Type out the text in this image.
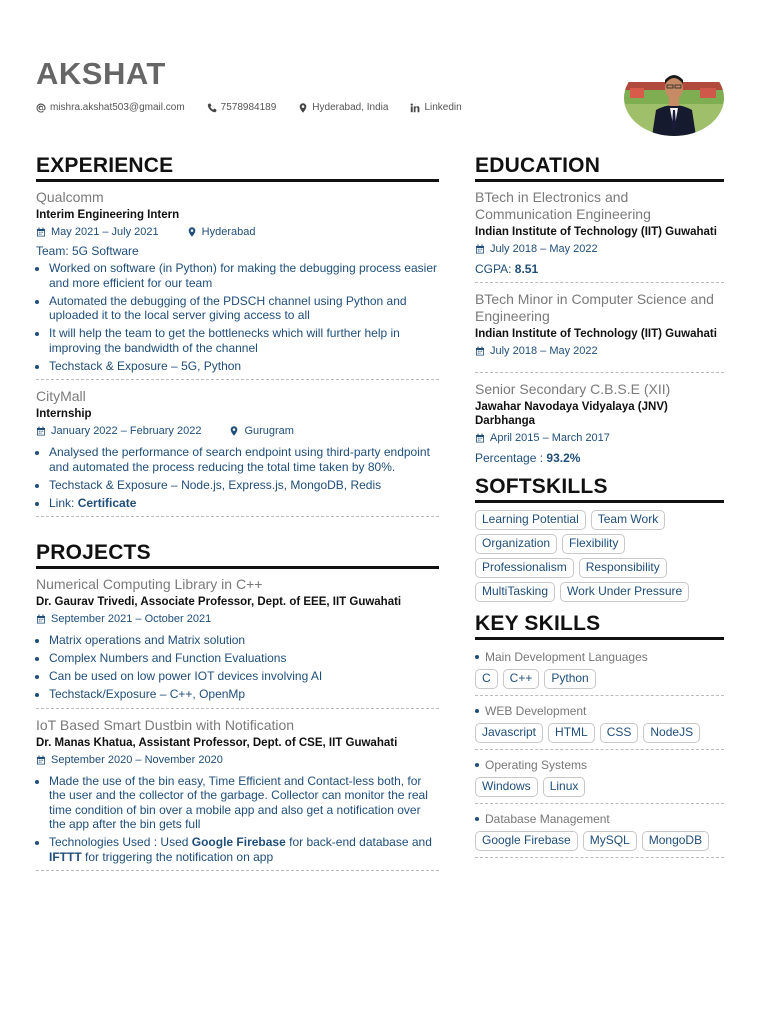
AKSHAT
mishra.akshat503@gmail.com	7578984189	Hyderabad, India	Linkedin
EXPERIENCE
Qualcomm
Interim Engineering Intern
May 2021 – July 2021	Hyderabad
Team: 5G Software
• Worked on software (in Python) for making the debugging process easier and more efficient for our team
• Automated the debugging of the PDSCH channel using Python and uploaded it to the local server giving access to all
• It will help the team to get the bottlenecks which will further help in improving the bandwidth of the channel
• Techstack & Exposure – 5G, Python
CityMall
Internship
January 2022 – February 2022	Gurugram
• Analysed the performance of search endpoint using third-party endpoint and automated the process reducing the total time taken by 80%.
• Techstack & Exposure – Node.js, Express.js, MongoDB, Redis
• Link: Certificate
PROJECTS
Numerical Computing Library in C++
Dr. Gaurav Trivedi, Associate Professor, Dept. of EEE, IIT Guwahati
September 2021 – October 2021
• Matrix operations and Matrix solution
• Complex Numbers and Function Evaluations
• Can be used on low power IOT devices involving AI
• Techstack/Exposure – C++, OpenMp
IoT Based Smart Dustbin with Notification
Dr. Manas Khatua, Assistant Professor, Dept. of CSE, IIT Guwahati
September 2020 – November 2020
• Made the use of the bin easy, Time Efficient and Contact-less both, for the user and the collector of the garbage. Collector can monitor the real time condition of bin over a mobile app and also get a notification over the app after the bin gets full
• Technologies Used : Used Google Firebase for back-end database and IFTTT for triggering the notification on app
EDUCATION
BTech in Electronics and Communication Engineering
Indian Institute of Technology (IIT) Guwahati
July 2018 – May 2022
CGPA: 8.51
BTech Minor in Computer Science and Engineering
Indian Institute of Technology (IIT) Guwahati
July 2018 – May 2022
Senior Secondary C.B.S.E (XII)
Jawahar Navodaya Vidyalaya (JNV) Darbhanga
April 2015 – March 2017
Percentage : 93.2%
SOFTSKILLS
Learning Potential	Team Work
Organization	Flexibility
Professionalism	Responsibility
MultiTasking	Work Under Pressure
KEY SKILLS
Main Development Languages
C	C++	Python
WEB Development
Javascript	HTML	CSS	NodeJS
Operating Systems
Windows	Linux
Database Management
Google Firebase	MySQL	MongoDB
